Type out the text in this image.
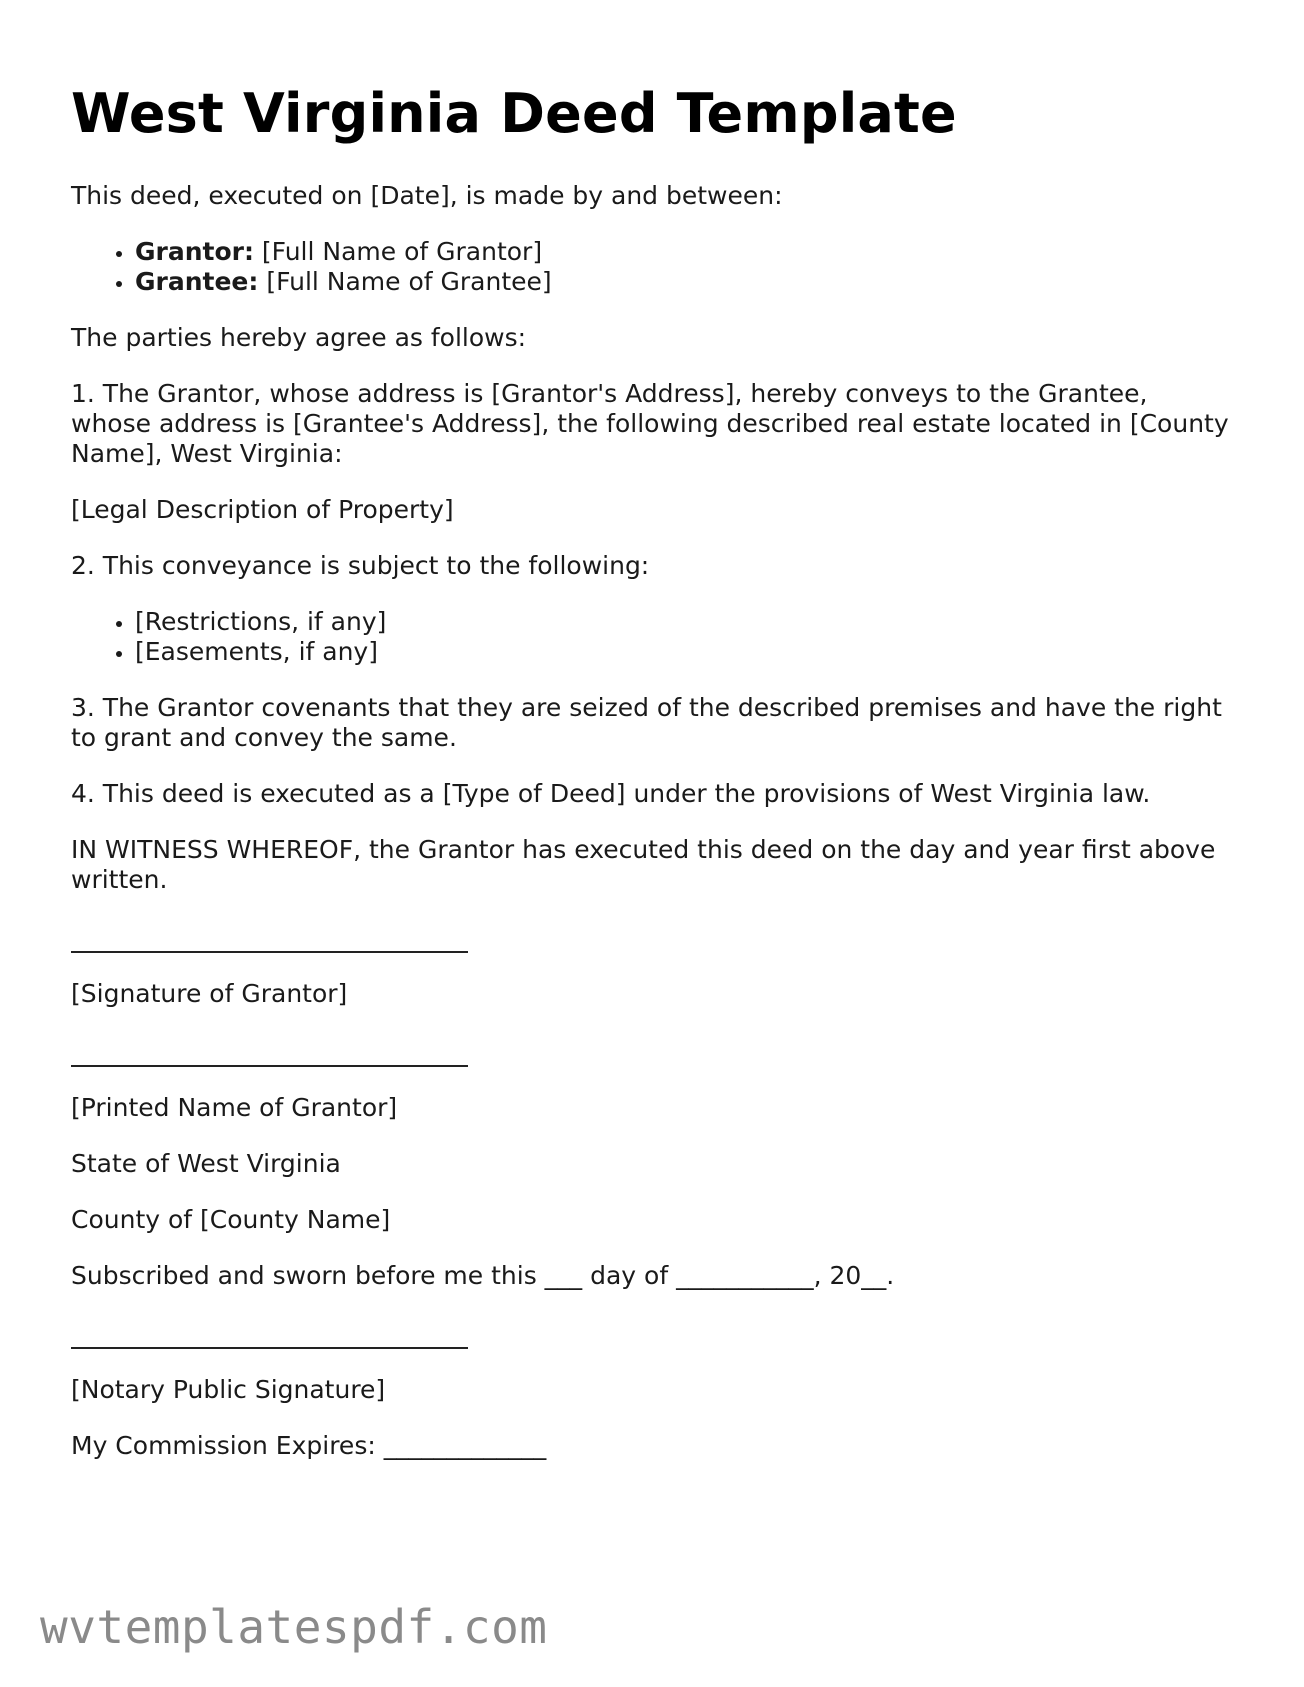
West Virginia Deed Template

This deed, executed on [Date], is made by and between:

• Grantor: [Full Name of Grantor]
• Grantee: [Full Name of Grantee]

The parties hereby agree as follows:

1. The Grantor, whose address is [Grantor's Address], hereby conveys to the Grantee, whose address is [Grantee's Address], the following described real estate located in [County Name], West Virginia:

[Legal Description of Property]

2. This conveyance is subject to the following:

• [Restrictions, if any]
• [Easements, if any]

3. The Grantor covenants that they are seized of the described premises and have the right to grant and convey the same.

4. This deed is executed as a [Type of Deed] under the provisions of West Virginia law.

IN WITNESS WHEREOF, the Grantor has executed this deed on the day and year first above written.

[Signature of Grantor]

[Printed Name of Grantor]

State of West Virginia

County of [County Name]

Subscribed and sworn before me this ___ day of ___________, 20__.

[Notary Public Signature]

My Commission Expires: _____________

wvtemplatespdf.com
